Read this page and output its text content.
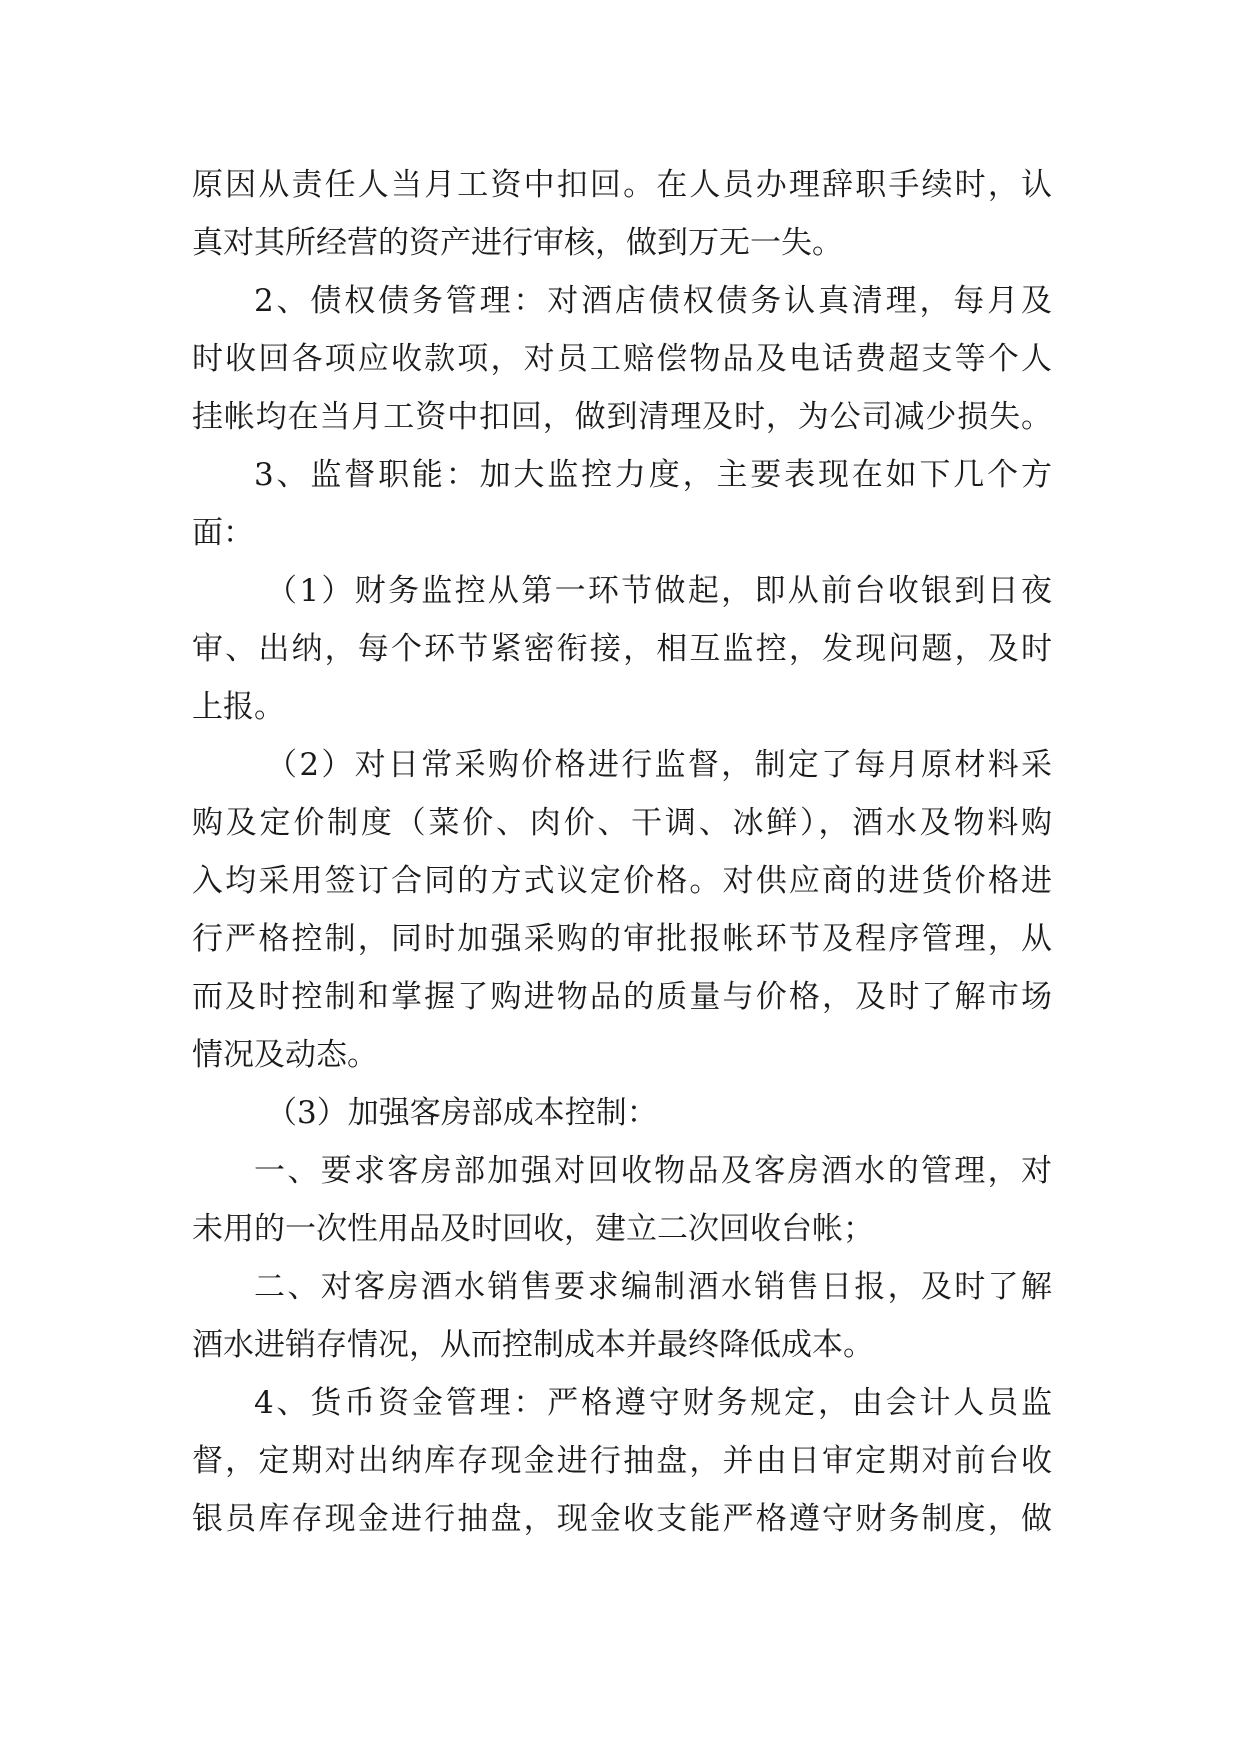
原因从责任人当月工资中扣回。在人员办理辞职手续时，认
真对其所经营的资产进行审核，做到万无一失。
2、债权债务管理：对酒店债权债务认真清理，每月及
时收回各项应收款项，对员工赔偿物品及电话费超支等个人
挂帐均在当月工资中扣回，做到清理及时，为公司减少损失。
3、监督职能：加大监控力度，主要表现在如下几个方
面：
（1）财务监控从第一环节做起，即从前台收银到日夜
审、出纳，每个环节紧密衔接，相互监控，发现问题，及时
上报。
（2）对日常采购价格进行监督，制定了每月原材料采
购及定价制度（菜价、肉价、干调、冰鲜），酒水及物料购
入均采用签订合同的方式议定价格。对供应商的进货价格进
行严格控制，同时加强采购的审批报帐环节及程序管理，从
而及时控制和掌握了购进物品的质量与价格，及时了解市场
情况及动态。
（3）加强客房部成本控制：
一、要求客房部加强对回收物品及客房酒水的管理，对
未用的一次性用品及时回收，建立二次回收台帐；
二、对客房酒水销售要求编制酒水销售日报，及时了解
酒水进销存情况，从而控制成本并最终降低成本。
4、货币资金管理：严格遵守财务规定，由会计人员监
督，定期对出纳库存现金进行抽盘，并由日审定期对前台收
银员库存现金进行抽盘，现金收支能严格遵守财务制度，做
